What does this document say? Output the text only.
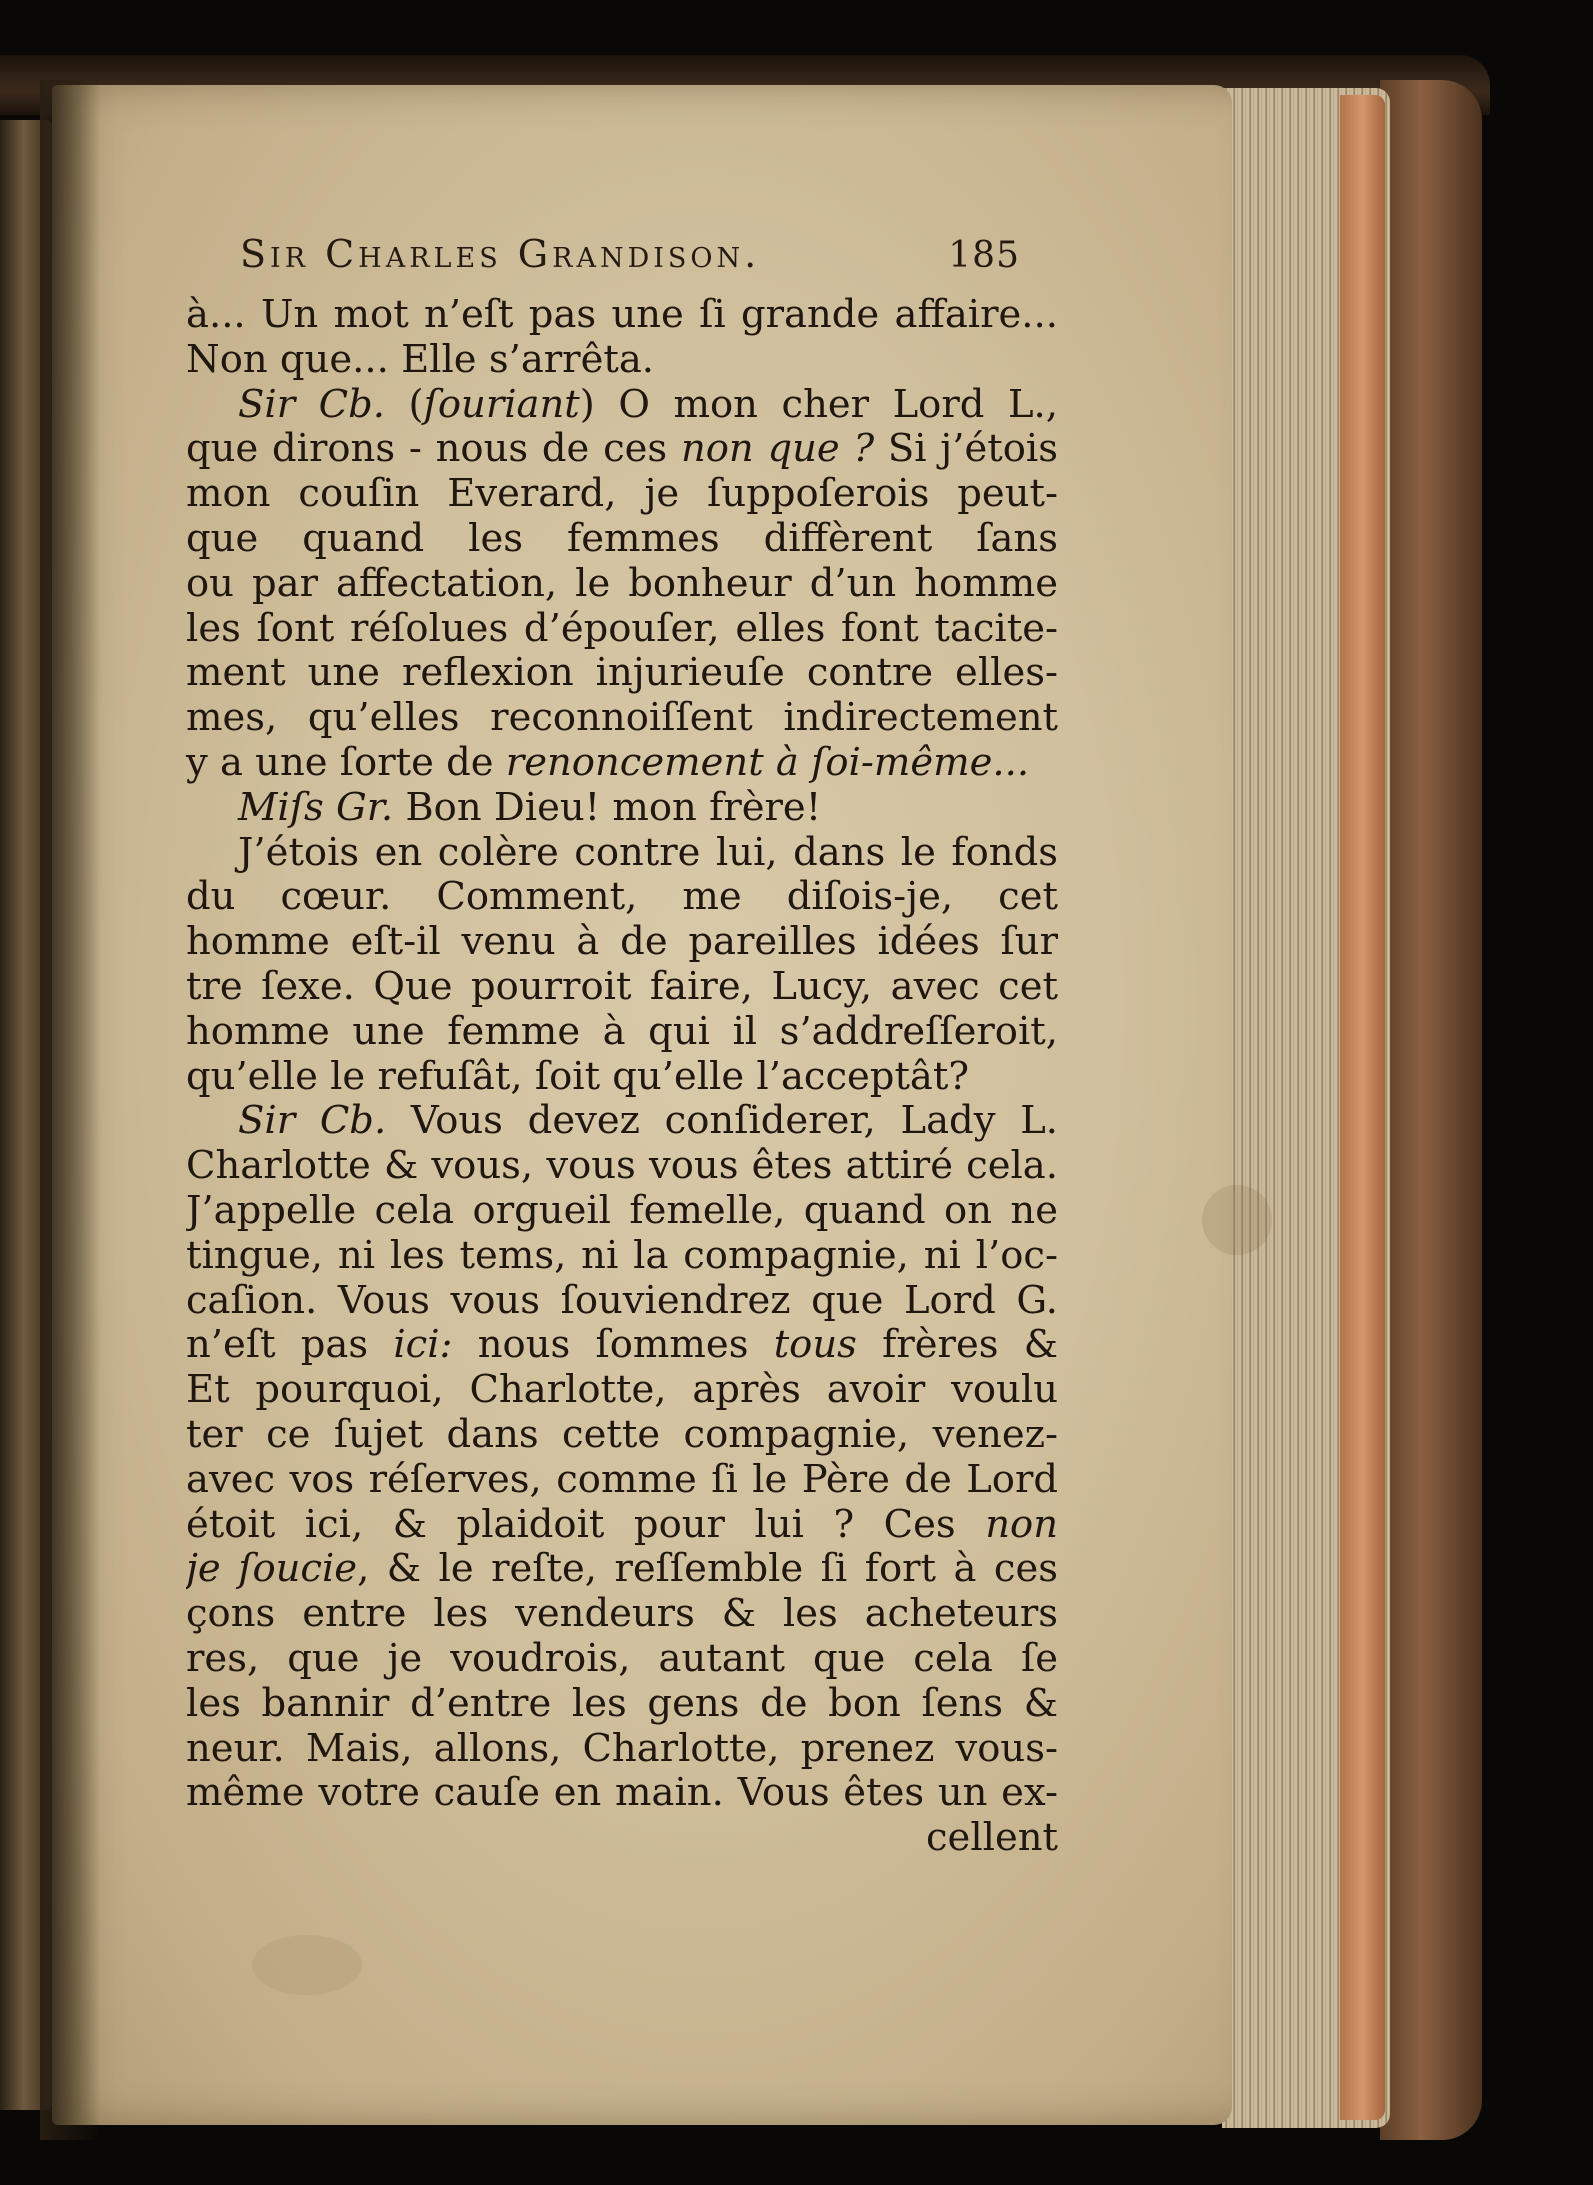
Sir Charles Grandison.	185
à... Un mot n’eſt pas une ſi grande affaire...
Non que... Elle s’arrêta.
Sir Cb. (ſouriant) O mon cher Lord L.,
que dirons - nous de ces non que ? Si j’étois
mon couſin Everard, je ſuppoſerois peut-
que quand les femmes diffèrent ſans
ou par affectation, le bonheur d’un homme
les ſont réſolues d’épouſer, elles font tacite-
ment une reflexion injurieuſe contre elles-
mes, qu’elles reconnoiſſent indirectement
y a une ſorte de renoncement à ſoi-même...
Miſs Gr. Bon Dieu! mon frère!
J’étois en colère contre lui, dans le fonds
du cœur. Comment, me diſois-je, cet
homme eſt-il venu à de pareilles idées ſur
tre ſexe. Que pourroit faire, Lucy, avec cet
homme une femme à qui il s’addreſſeroit,
qu’elle le refuſât, ſoit qu’elle l’acceptât?
Sir Cb. Vous devez conſiderer, Lady L.
Charlotte & vous, vous vous êtes attiré cela.
J’appelle cela orgueil femelle, quand on ne
tingue, ni les tems, ni la compagnie, ni l’oc-
caſion. Vous vous ſouviendrez que Lord G.
n’eſt pas ici: nous ſommes tous frères &
Et pourquoi, Charlotte, après avoir voulu
ter ce ſujet dans cette compagnie, venez-
avec vos réſerves, comme ſi le Père de Lord
étoit ici, & plaidoit pour lui ? Ces non
je ſoucie, & le reſte, reſſemble ſi fort à ces
çons entre les vendeurs & les acheteurs
res, que je voudrois, autant que cela ſe
les bannir d’entre les gens de bon ſens &
neur. Mais, allons, Charlotte, prenez vous-
même votre cauſe en main. Vous êtes un ex-
cellent
